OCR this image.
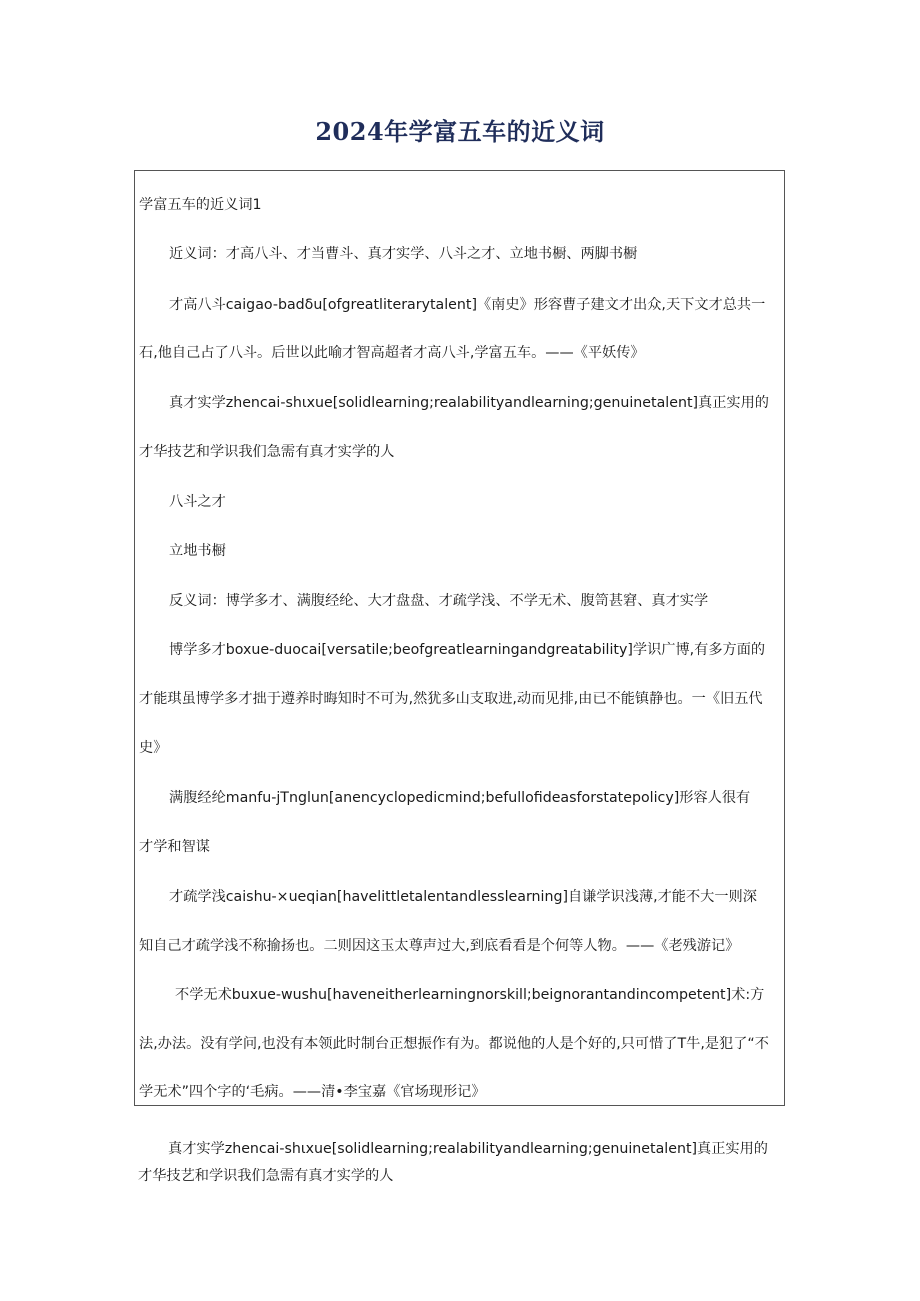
2024年学富五车的近义词
学富五车的近义词1
近义词：才高八斗、才当曹斗、真才实学、八斗之才、立地书橱、两脚书橱
才高八斗caigao-badδu[ofgreatliterarytalent]《南史》形容曹子建文才出众,天下文才总共一
石,他自己占了八斗。后世以此喻才智高超者才高八斗,学富五车。——《平妖传》
真才实学zhencai-shιxue[solidlearning;realabilityandlearning;genuinetalent]真正实用的
才华技艺和学识我们急需有真才实学的人
八斗之才
立地书橱
反义词：博学多才、满腹经纶、大才盘盘、才疏学浅、不学无术、腹笥甚窘、真才实学
博学多才boxue-duocai[versatile;beofgreatlearningandgreatability]学识广博,有多方面的
才能琪虽博学多才拙于遵养时晦知时不可为,然犹多山支取进,动而见排,由已不能镇静也。一《旧五代
史》
满腹经纶manfu-jΤnglun[anencyclopedicmind;befullofideasforstatepolicy]形容人很有
才学和智谋
才疏学浅caishu-×ueqian[havelittletalentandlesslearning]自谦学识浅薄,才能不大一则深
知自己才疏学浅不称揄扬也。二则因这玉太尊声过大,到底看看是个何等人物。——《老残游记》
不学无术buxue-wushu[haveneitherlearningnorskill;beignorantandincompetent]术:方
法,办法。没有学问,也没有本领此时制台正想振作有为。都说他的人是个好的,只可惜了T牛,是犯了“不
学无术”四个字的‘毛病。——清•李宝嘉《官场现形记》
真才实学zhencai-shιxue[solidlearning;realabilityandlearning;genuinetalent]真正实用的
才华技艺和学识我们急需有真才实学的人
